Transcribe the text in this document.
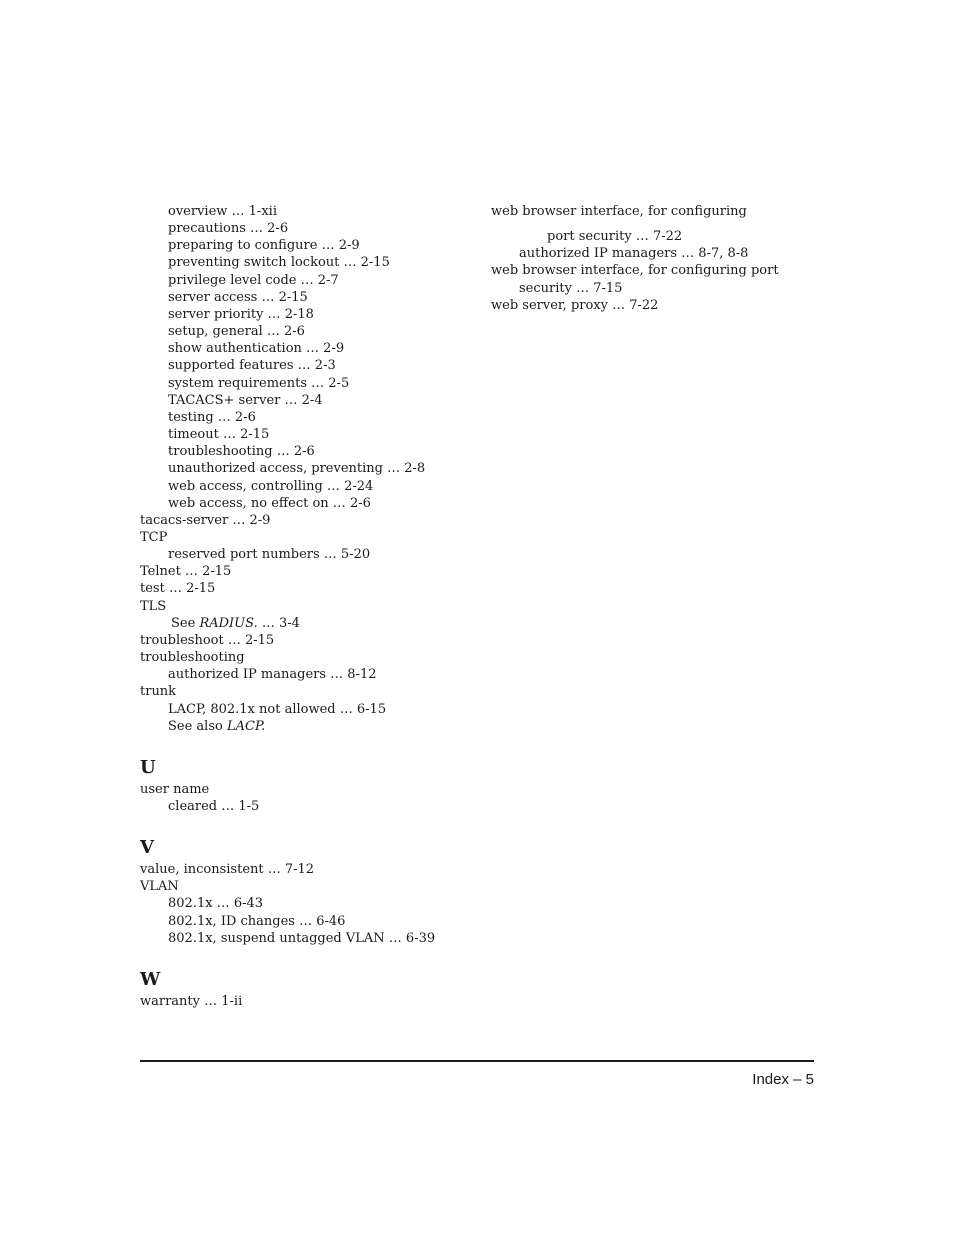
overview … 1-xii
precautions … 2-6
preparing to configure … 2-9
preventing switch lockout … 2-15
privilege level code … 2-7
server access … 2-15
server priority … 2-18
setup, general … 2-6
show authentication … 2-9
supported features … 2-3
system requirements … 2-5
TACACS+ server … 2-4
testing … 2-6
timeout … 2-15
troubleshooting … 2-6
unauthorized access, preventing … 2-8
web access, controlling … 2-24
web access, no effect on … 2-6
tacacs-server … 2-9
TCP
reserved port numbers … 5-20
Telnet … 2-15
test … 2-15
TLS
See RADIUS. … 3-4
troubleshoot … 2-15
troubleshooting
authorized IP managers … 8-12
trunk
LACP, 802.1x not allowed … 6-15
See also LACP.
U
user name
cleared … 1-5
V
value, inconsistent … 7-12
VLAN
802.1x … 6-43
802.1x, ID changes … 6-46
802.1x, suspend untagged VLAN … 6-39
W
warranty … 1-ii
web browser interface, for configuring
port security … 7-22
authorized IP managers … 8-7, 8-8
web browser interface, for configuring port security … 7-15
web server, proxy … 7-22
Index – 5
